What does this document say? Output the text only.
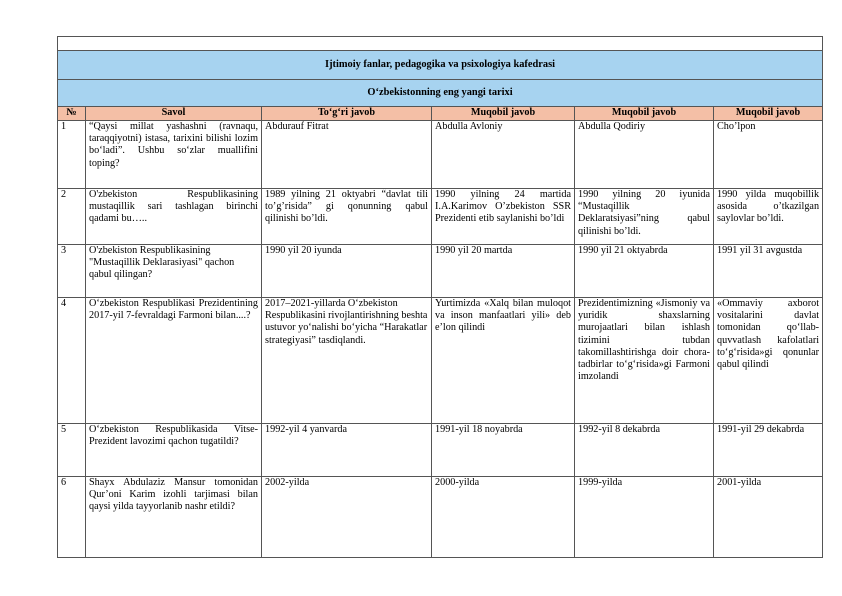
Ijtimoiy fanlar, pedagogika va psixologiya kafedrasi					
O‘zbekistonning eng yangi tarixi					
№	Savol	To‘g‘ri javob	Muqobil javob	Muqobil javob	Muqobil javob
1	“Qaysi millat yashashni (ravnaqu, taraqqiyotni) istasa, tarixini bilishi lozim bo‘ladi”. Ushbu so‘zlar muallifini toping?	Abdurauf Fitrat	Abdulla Avloniy	Abdulla Qodiriy	Cho’lpon
2	O'zbekiston Respublikasining mustaqillik sari tashlagan birinchi qadami bu…..	1989 yilning 21 oktyabri “davlat tili to’g’risida” gi qonunning qabul qilinishi bo’ldi.	1990 yilning 24 martida I.A.Karimov O’zbekiston SSR Prezidenti etib saylanishi bo’ldi	1990 yilning 20 iyunida “Mustaqillik Deklaratsiyasi”ning qabul qilinishi bo’ldi.	1990 yilda muqobillik asosida o’tkazilgan saylovlar bo’ldi.
3	O'zbekiston Respublikasining "Mustaqillik Deklarasiyasi" qachon qabul qilingan?	1990 yil 20 iyunda	1990 yil 20 martda	1990 yil 21 oktyabrda	1991 yil 31 avgustda
4	O‘zbekiston Respublikasi Prezidentining 2017-yil 7-fevraldagi Farmoni bilan....?	2017–2021-yillarda O‘zbekiston Respublikasini rivojlantirishning beshta ustuvor yo‘nalishi bo‘yicha “Harakatlar strategiyasi” tasdiqlandi.	Yurtimizda «Xalq bilan muloqot va inson manfaatlari yili» deb e’lon qilindi	Prezidentimizning «Jismoniy va yuridik shaxslarning murojaatlari bilan ishlash tizimini tubdan takomillashtirishga doir chora-tadbirlar to‘g‘risida»gi Farmoni imzolandi	«Ommaviy axborot vositalarini davlat tomonidan qo‘llab-quvvatlash kafolatlari to‘g‘risida»gi qonunlar qabul qilindi
5	O‘zbekiston Respublikasida Vitse-Prezident lavozimi qachon tugatildi?	1992-yil 4 yanvarda	1991-yil 18 noyabrda	1992-yil 8 dekabrda	1991-yil 29 dekabrda
6	Shayx Abdulaziz Mansur tomonidan Qur’oni Karim izohli tarjimasi bilan qaysi yilda tayyorlanib nashr etildi?	2002-yilda	2000-yilda	1999-yilda	2001-yilda
